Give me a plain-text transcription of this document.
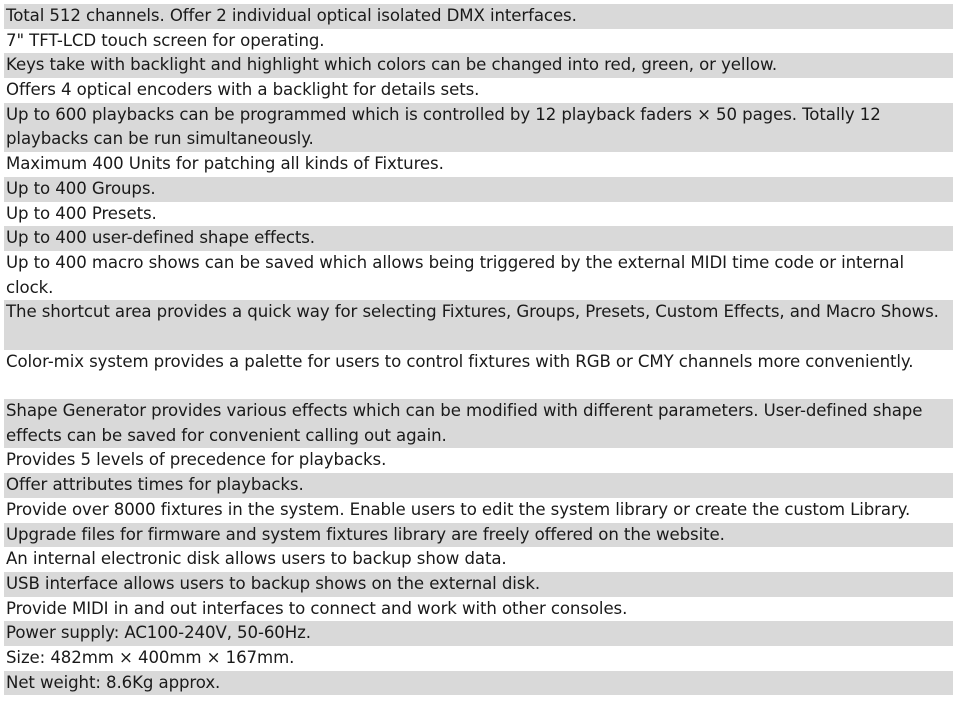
Total 512 channels. Offer 2 individual optical isolated DMX interfaces.
7" TFT-LCD touch screen for operating.
Keys take with backlight and highlight which colors can be changed into red, green, or yellow.
Offers 4 optical encoders with a backlight for details sets.
Up to 600 playbacks can be programmed which is controlled by 12 playback faders × 50 pages. Totally 12 playbacks can be run simultaneously.
Maximum 400 Units for patching all kinds of Fixtures.
Up to 400 Groups.
Up to 400 Presets.
Up to 400 user-defined shape effects.
Up to 400 macro shows can be saved which allows being triggered by the external MIDI time code or internal clock.
The shortcut area provides a quick way for selecting Fixtures, Groups, Presets, Custom Effects, and Macro Shows.
Color-mix system provides a palette for users to control fixtures with RGB or CMY channels more conveniently.
Shape Generator provides various effects which can be modified with different parameters. User-defined shape effects can be saved for convenient calling out again.
Provides 5 levels of precedence for playbacks.
Offer attributes times for playbacks.
Provide over 8000 fixtures in the system. Enable users to edit the system library or create the custom Library.
Upgrade files for firmware and system fixtures library are freely offered on the website.
An internal electronic disk allows users to backup show data.
USB interface allows users to backup shows on the external disk.
Provide MIDI in and out interfaces to connect and work with other consoles.
Power supply: AC100-240V, 50-60Hz.
Size: 482mm × 400mm × 167mm.
Net weight: 8.6Kg approx.
